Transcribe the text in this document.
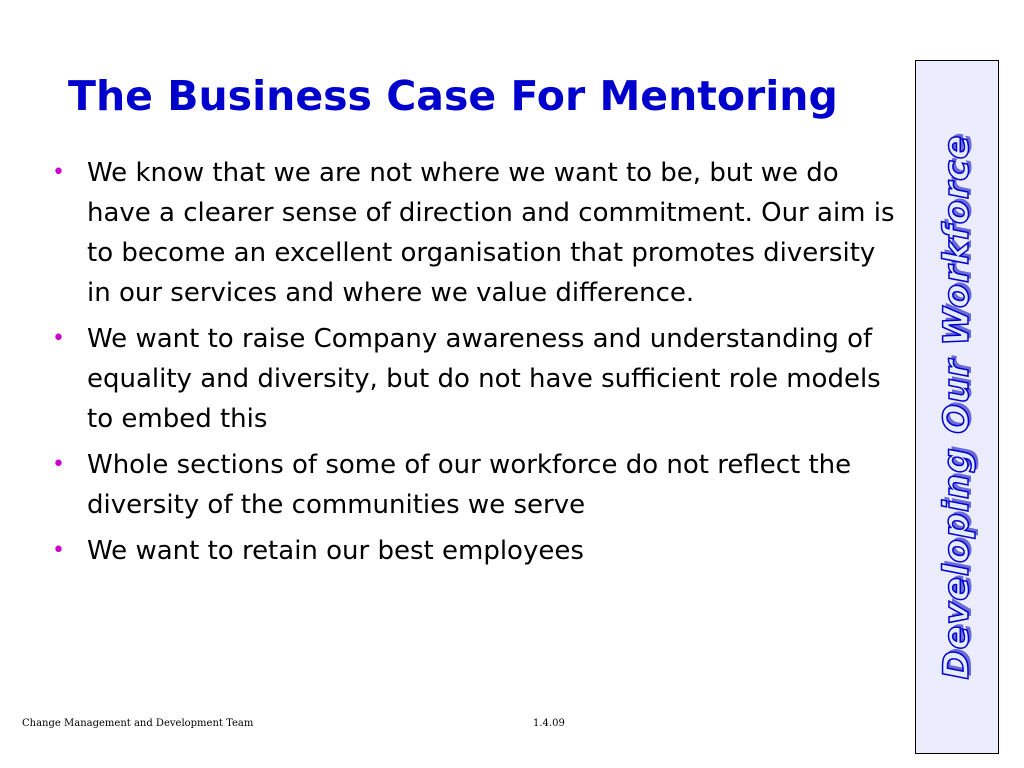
The Business Case For Mentoring
• We know that we are not where we want to be, but we do have a clearer sense of direction and commitment. Our aim is to become an excellent organisation that promotes diversity in our services and where we value difference.
• We want to raise Company awareness and understanding of equality and diversity, but do not have sufficient role models to embed this
• Whole sections of some of our workforce do not reflect the diversity of the communities we serve
• We want to retain our best employees	Developing Our Workforce
Change Management and Development Team	1.4.09
